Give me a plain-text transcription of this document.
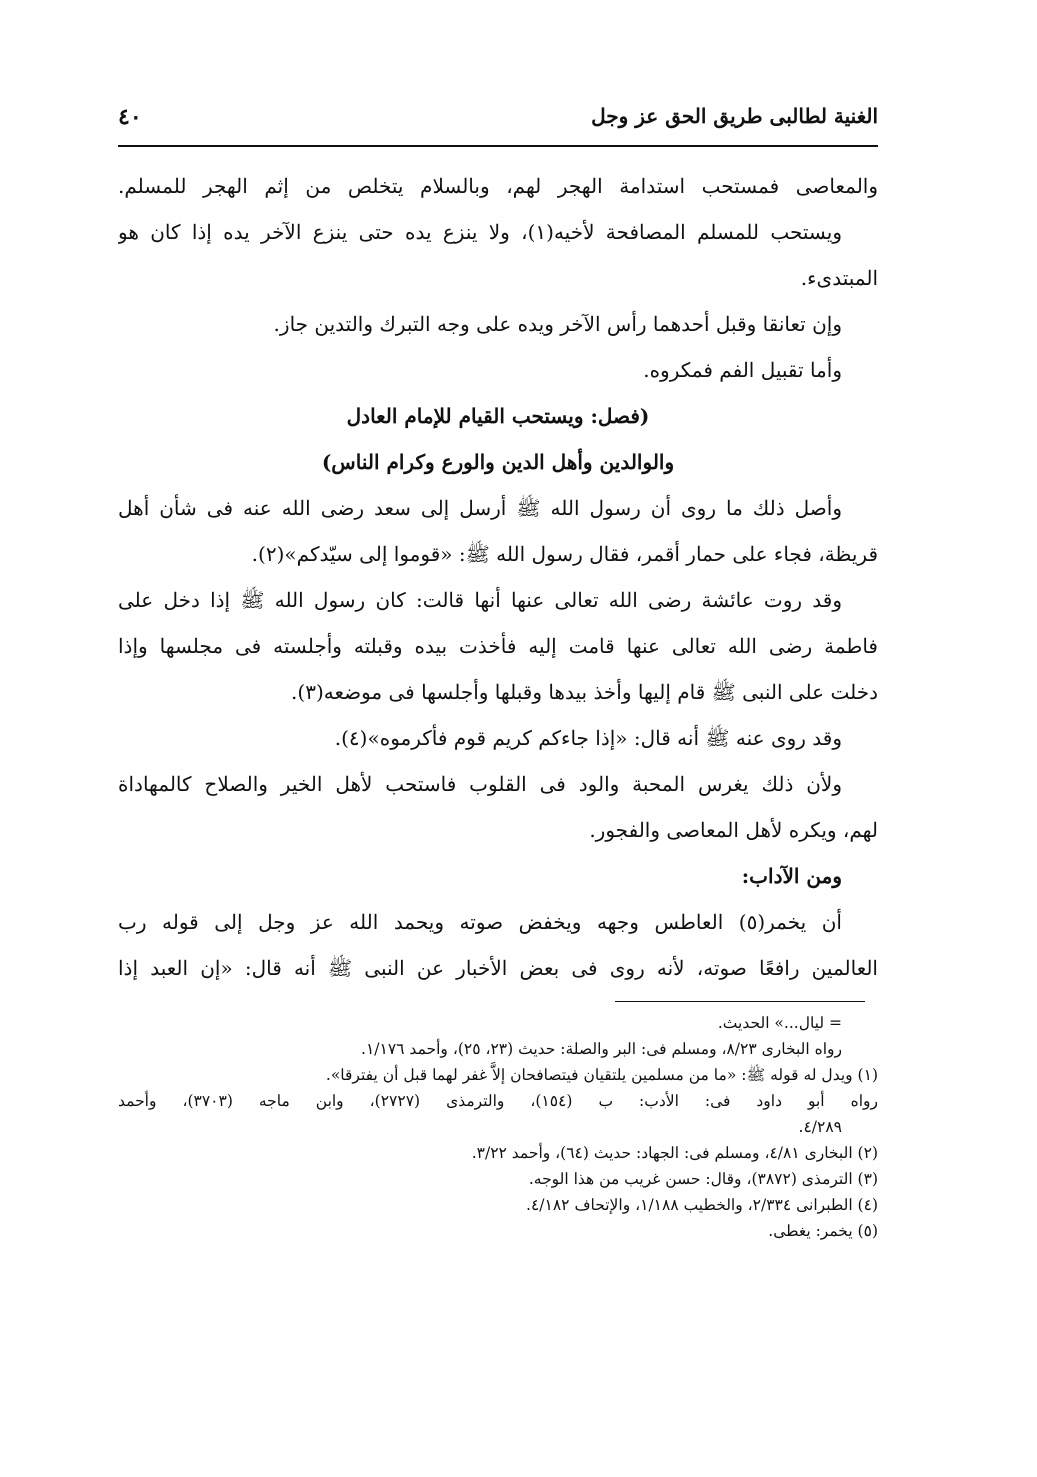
الغنية لطالبى طريق الحق عز وجل
٤٠
والمعاصى فمستحب استدامة الهجر لهم، وبالسلام يتخلص من إثم الهجر للمسلم.
ويستحب للمسلم المصافحة لأخيه(١)، ولا ينزع يده حتى ينزع الآخر يده إذا كان هو
المبتدىء.
وإن تعانقا وقبل أحدهما رأس الآخر ويده على وجه التبرك والتدين جاز.
وأما تقبيل الفم فمكروه.
(فصل: ويستحب القيام للإمام العادل
والوالدين وأهل الدين والورع وكرام الناس)
وأصل ذلك ما روى أن رسول الله ﷺ أرسل إلى سعد رضى الله عنه فى شأن أهل
قريظة، فجاء على حمار أقمر، فقال رسول الله ﷺ: «قوموا إلى سيّدكم»(٢).
وقد روت عائشة رضى الله تعالى عنها أنها قالت: كان رسول الله ﷺ إذا دخل على
فاطمة رضى الله تعالى عنها قامت إليه فأخذت بيده وقبلته وأجلسته فى مجلسها وإذا
دخلت على النبى ﷺ قام إليها وأخذ بيدها وقبلها وأجلسها فى موضعه(٣).
وقد روى عنه ﷺ أنه قال: «إذا جاءكم كريم قوم فأكرموه»(٤).
ولأن ذلك يغرس المحبة والود فى القلوب فاستحب لأهل الخير والصلاح كالمهاداة
لهم، ويكره لأهل المعاصى والفجور.
ومن الآداب:
أن يخمر(٥) العاطس وجهه ويخفض صوته ويحمد الله عز وجل إلى قوله رب
العالمين رافعًا صوته، لأنه روى فى بعض الأخبار عن النبى ﷺ أنه قال: «إن العبد إذا
= ليال...» الحديث.
رواه البخارى ٨/٢٣، ومسلم فى: البر والصلة: حديث (٢٣، ٢٥)، وأحمد ١/١٧٦.
(١) ويدل له قوله ﷺ: «ما من مسلمين يلتقيان فيتصافحان إلاَّ غفر لهما قبل أن يفترقا».
رواه أبو داود فى: الأدب: ب (١٥٤)، والترمذى (٢٧٢٧)، وابن ماجه (٣٧٠٣)، وأحمد
٤/٢٨٩.
(٢) البخارى ٤/٨١، ومسلم فى: الجهاد: حديث (٦٤)، وأحمد ٣/٢٢.
(٣) الترمذى (٣٨٧٢)، وقال: حسن غريب من هذا الوجه.
(٤) الطبرانى ٢/٣٣٤، والخطيب ١/١٨٨، والإتحاف ٤/١٨٢.
(٥) يخمر: يغطى.
